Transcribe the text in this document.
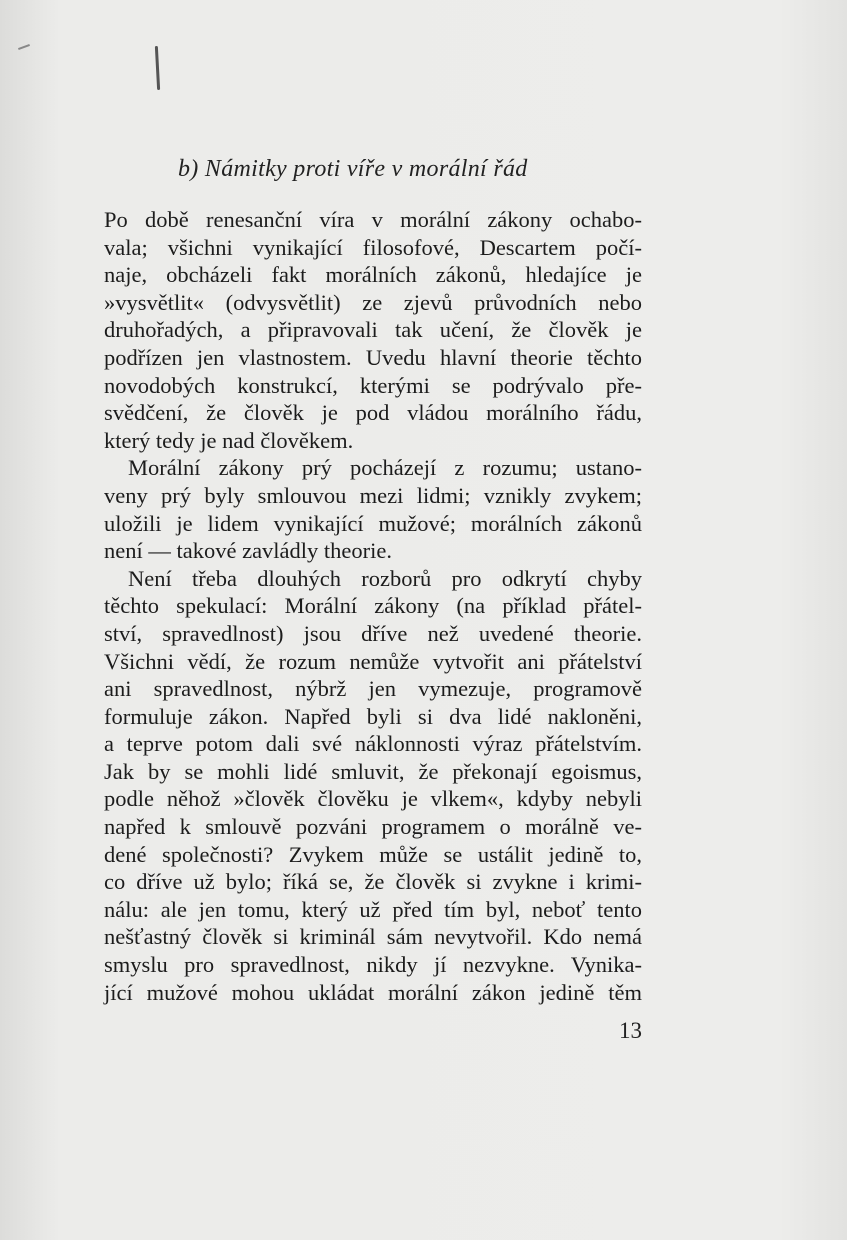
b) Námitky proti víře v morální řád
Po době renesanční víra v morální zákony ochabo-
vala; všichni vynikající filosofové, Descartem počí-
naje, obcházeli fakt morálních zákonů, hledajíce je
»vysvětlit« (odvysvětlit) ze zjevů průvodních nebo
druhořadých, a připravovali tak učení, že člověk je
podřízen jen vlastnostem. Uvedu hlavní theorie těchto
novodobých konstrukcí, kterými se podrývalo pře-
svědčení, že člověk je pod vládou morálního řádu,
který tedy je nad člověkem.
Morální zákony prý pocházejí z rozumu; ustano-
veny prý byly smlouvou mezi lidmi; vznikly zvykem;
uložili je lidem vynikající mužové; morálních zákonů
není — takové zavládly theorie.
Není třeba dlouhých rozborů pro odkrytí chyby
těchto spekulací: Morální zákony (na příklad přátel-
ství, spravedlnost) jsou dříve než uvedené theorie.
Všichni vědí, že rozum nemůže vytvořit ani přátelství
ani spravedlnost, nýbrž jen vymezuje, programově
formuluje zákon. Napřed byli si dva lidé nakloněni,
a teprve potom dali své náklonnosti výraz přátelstvím.
Jak by se mohli lidé smluvit, že překonají egoismus,
podle něhož »člověk člověku je vlkem«, kdyby nebyli
napřed k smlouvě pozváni programem o morálně ve-
dené společnosti? Zvykem může se ustálit jedině to,
co dříve už bylo; říká se, že člověk si zvykne i krimi-
nálu: ale jen tomu, který už před tím byl, neboť tento
nešťastný člověk si kriminál sám nevytvořil. Kdo nemá
smyslu pro spravedlnost, nikdy jí nezvykne. Vynika-
jící mužové mohou ukládat morální zákon jedině těm
13
